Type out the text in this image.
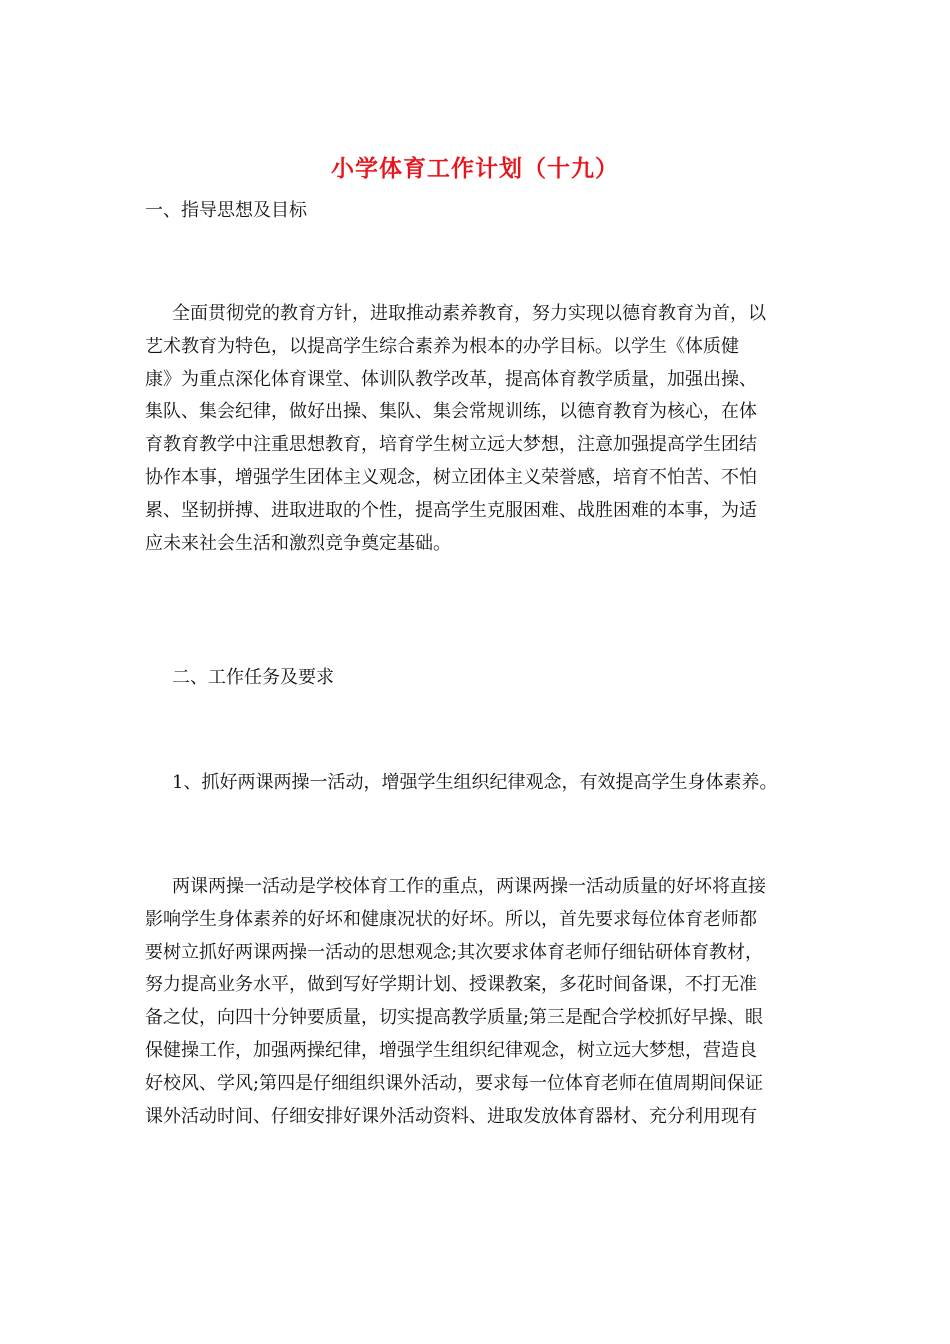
小学体育工作计划（十九）
一、指导思想及目标
全面贯彻党的教育方针，进取推动素养教育，努力实现以德育教育为首，以
艺术教育为特色，以提高学生综合素养为根本的办学目标。以学生《体质健
康》为重点深化体育课堂、体训队教学改革，提高体育教学质量，加强出操、
集队、集会纪律，做好出操、集队、集会常规训练，以德育教育为核心，在体
育教育教学中注重思想教育，培育学生树立远大梦想，注意加强提高学生团结
协作本事，增强学生团体主义观念，树立团体主义荣誉感，培育不怕苦、不怕
累、坚韧拼搏、进取进取的个性，提高学生克服困难、战胜困难的本事，为适
应未来社会生活和激烈竞争奠定基础。
二、工作任务及要求
1、抓好两课两操一活动，增强学生组织纪律观念，有效提高学生身体素养。
两课两操一活动是学校体育工作的重点，两课两操一活动质量的好坏将直接
影响学生身体素养的好坏和健康况状的好坏。所以，首先要求每位体育老师都
要树立抓好两课两操一活动的思想观念;其次要求体育老师仔细钻研体育教材，
努力提高业务水平，做到写好学期计划、授课教案，多花时间备课，不打无准
备之仗，向四十分钟要质量，切实提高教学质量;第三是配合学校抓好早操、眼
保健操工作，加强两操纪律，增强学生组织纪律观念，树立远大梦想，营造良
好校风、学风;第四是仔细组织课外活动，要求每一位体育老师在值周期间保证
课外活动时间、仔细安排好课外活动资料、进取发放体育器材、充分利用现有
